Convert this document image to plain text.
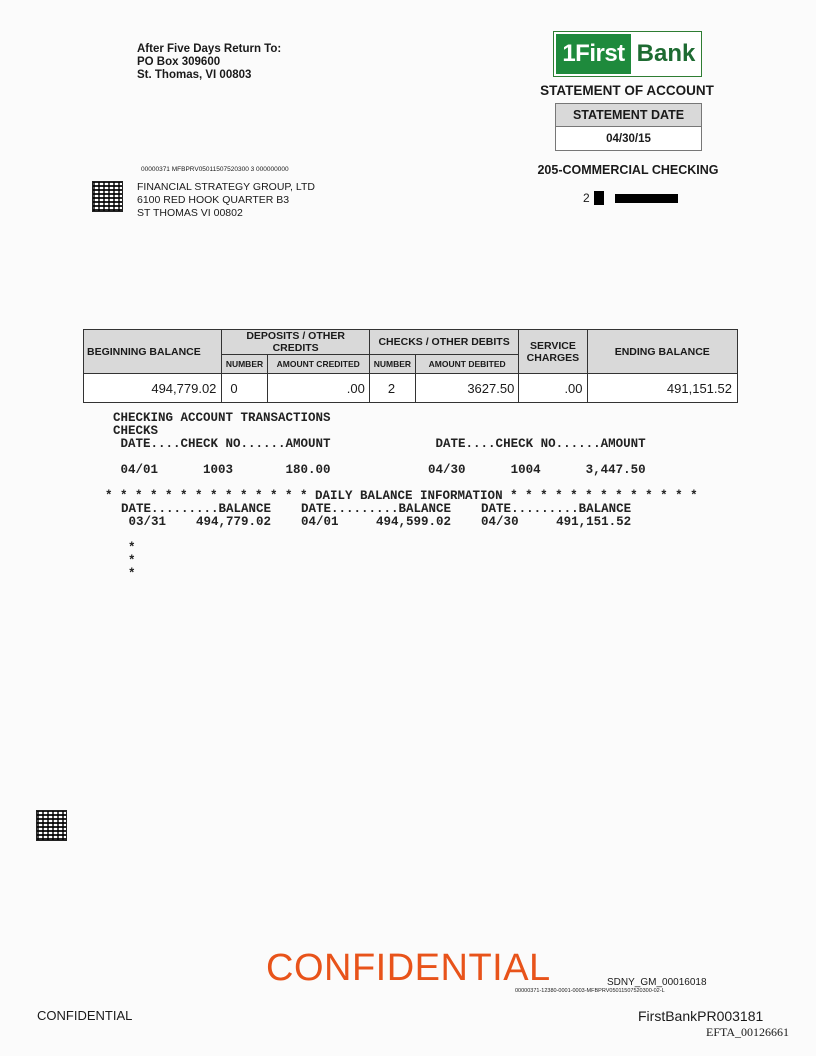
After Five Days Return To:
PO Box 309600
St. Thomas, VI 00803
1First Bank
STATEMENT OF ACCOUNT
STATEMENT DATE
04/30/15
205-COMMERCIAL CHECKING
2
00000371 MFBPRV05011507520300 3 000000000
FINANCIAL STRATEGY GROUP, LTD
6100 RED HOOK QUARTER B3
ST THOMAS VI 00802
BEGINNING BALANCE	DEPOSITS / OTHER CREDITS		CHECKS / OTHER DEBITS		SERVICE
CHARGES	ENDING BALANCE
	NUMBER	AMOUNT CREDITED	NUMBER	AMOUNT DEBITED		
494,779.02	0	.00	2	3627.50	.00	491,151.52
CHECKING ACCOUNT TRANSACTIONS
CHECKS
DATE....CHECK NO......AMOUNT              DATE....CHECK NO......AMOUNT
04/01      1003       180.00             04/30      1004      3,447.50
* * * * * * * * * * * * * * DAILY BALANCE INFORMATION * * * * * * * * * * * * *
DATE.........BALANCE    DATE.........BALANCE    DATE.........BALANCE
03/31    494,779.02    04/01     494,599.02    04/30     491,151.52
*
*
*
CONFIDENTIAL	SDNY_GM_00016018
00000371-12380-0001-0003-MFBPRV05011507520300-02-L
CONFIDENTIAL	FirstBankPR003181
EFTA_00126661
